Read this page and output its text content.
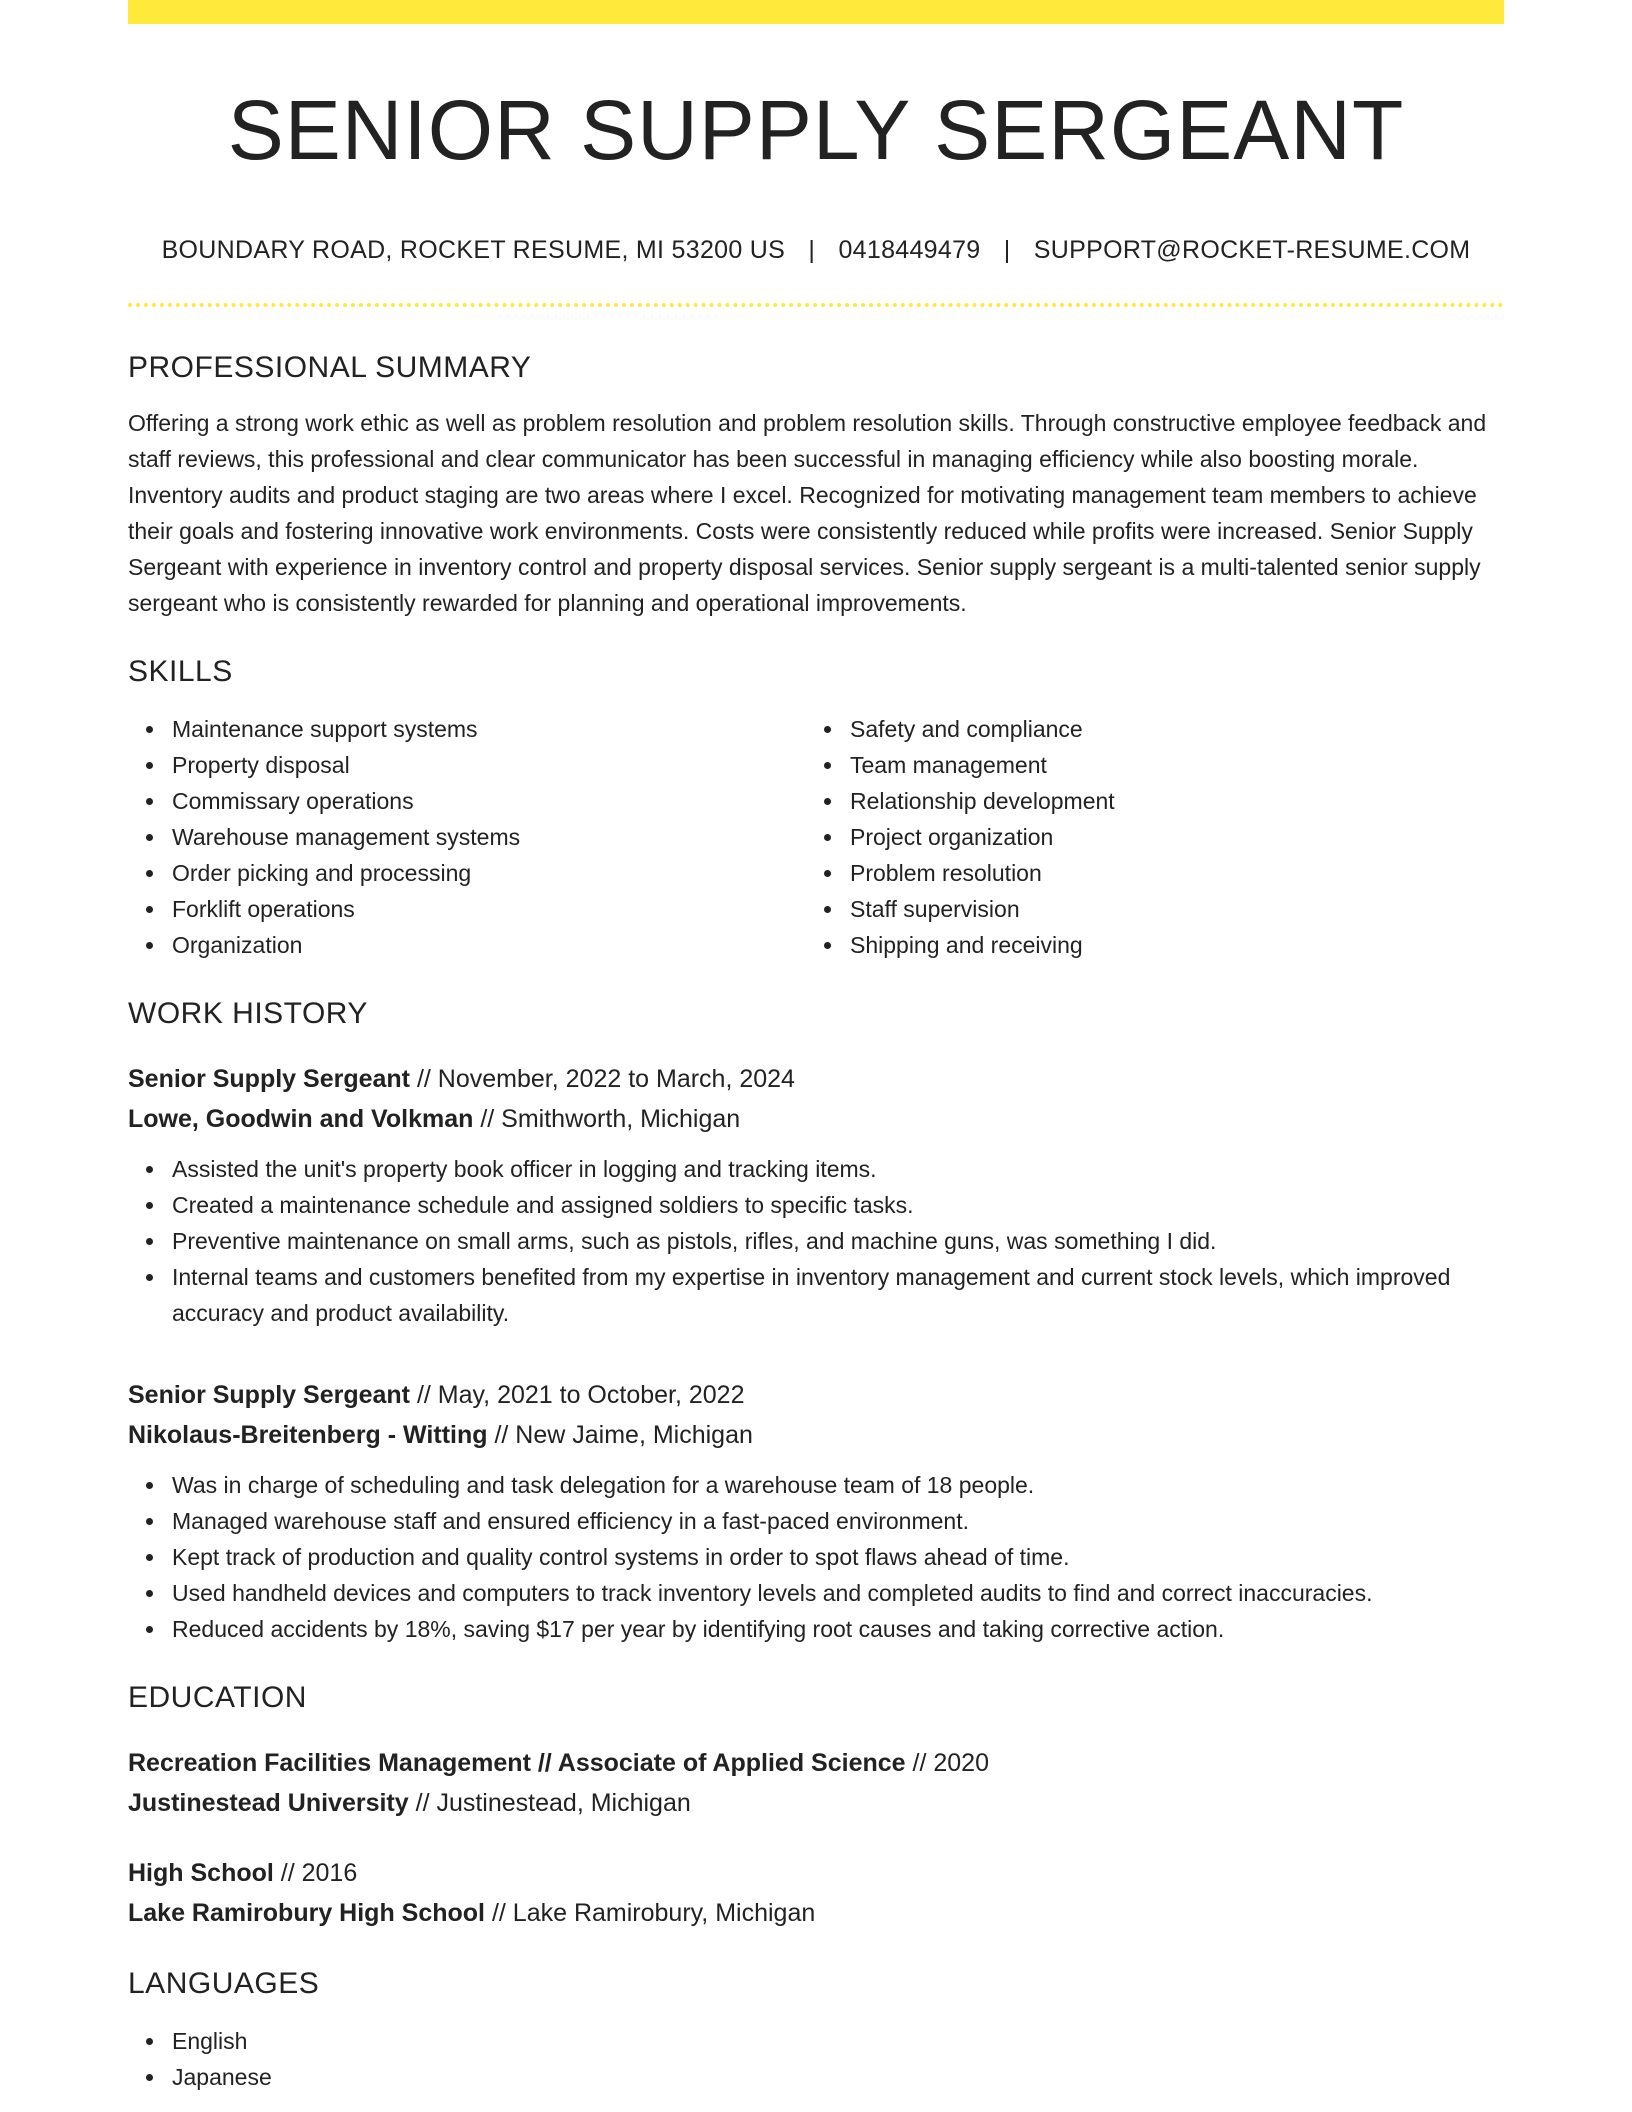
SENIOR SUPPLY SERGEANT
BOUNDARY ROAD, ROCKET RESUME, MI 53200 US | 0418449479 | SUPPORT@ROCKET-RESUME.COM
PROFESSIONAL SUMMARY

Offering a strong work ethic as well as problem resolution and problem resolution skills. Through constructive employee feedback and staff reviews, this professional and clear communicator has been successful in managing efficiency while also boosting morale. Inventory audits and product staging are two areas where I excel. Recognized for motivating management team members to achieve their goals and fostering innovative work environments. Costs were consistently reduced while profits were increased. Senior Supply Sergeant with experience in inventory control and property disposal services. Senior supply sergeant is a multi-talented senior supply sergeant who is consistently rewarded for planning and operational improvements.

SKILLS
Maintenance support systems
Property disposal
Commissary operations
Warehouse management systems
Order picking and processing
Forklift operations
Organization
Safety and compliance
Team management
Relationship development
Project organization
Problem resolution
Staff supervision
Shipping and receiving
WORK HISTORY
Senior Supply Sergeant // November, 2022 to March, 2024
Lowe, Goodwin and Volkman // Smithworth, Michigan
Assisted the unit's property book officer in logging and tracking items.
Created a maintenance schedule and assigned soldiers to specific tasks.
Preventive maintenance on small arms, such as pistols, rifles, and machine guns, was something I did.
Internal teams and customers benefited from my expertise in inventory management and current stock levels, which improved accuracy and product availability.
Senior Supply Sergeant // May, 2021 to October, 2022
Nikolaus-Breitenberg - Witting // New Jaime, Michigan
Was in charge of scheduling and task delegation for a warehouse team of 18 people.
Managed warehouse staff and ensured efficiency in a fast-paced environment.
Kept track of production and quality control systems in order to spot flaws ahead of time.
Used handheld devices and computers to track inventory levels and completed audits to find and correct inaccuracies.
Reduced accidents by 18%, saving $17 per year by identifying root causes and taking corrective action.
EDUCATION
Recreation Facilities Management // Associate of Applied Science // 2020
Justinestead University // Justinestead, Michigan
High School // 2016
Lake Ramirobury High School // Lake Ramirobury, Michigan
LANGUAGES
English
Japanese
